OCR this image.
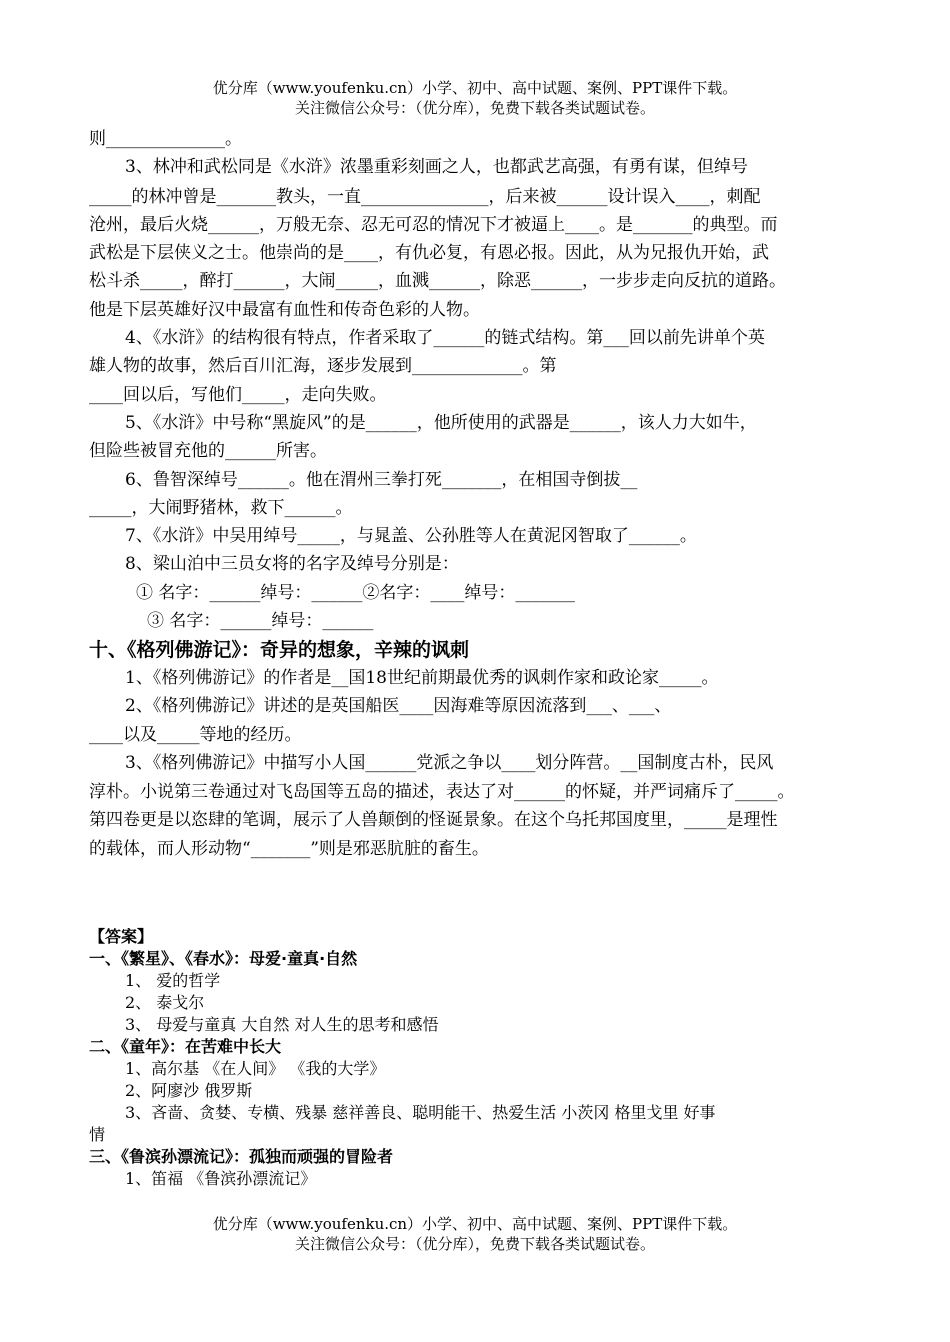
优分库（www.youfenku.cn）小学、初中、高中试题、案例、PPT课件下载。
关注微信公众号：（优分库），免费下载各类试题试卷。
则______________。
3、林冲和武松同是《水浒》浓墨重彩刻画之人，也都武艺高强，有勇有谋，但绰号
_____的林冲曾是_______教头，一直_______________，后来被______设计误入____，刺配
沧州，最后火烧______，万般无奈、忍无可忍的情况下才被逼上____。是_______的典型。而
武松是下层侠义之士。他崇尚的是____，有仇必复，有恩必报。因此，从为兄报仇开始，武
松斗杀_____，醉打______，大闹_____，血溅______，除恶______，一步步走向反抗的道路。
他是下层英雄好汉中最富有血性和传奇色彩的人物。
4、《水浒》的结构很有特点，作者采取了______的链式结构。第___回以前先讲单个英
雄人物的故事，然后百川汇海，逐步发展到_____________。第
____回以后，写他们_____，走向失败。
5、《水浒》中号称“黑旋风”的是______，他所使用的武器是______，该人力大如牛，
但险些被冒充他的______所害。
6、鲁智深绰号______。他在渭州三拳打死_______，在相国寺倒拔__
_____，大闹野猪林，救下______。
7、《水浒》中吴用绰号_____，与晁盖、公孙胜等人在黄泥冈智取了______。
8、梁山泊中三员女将的名字及绰号分别是：
① 名字：______绰号：______②名字：____绰号：_______
③ 名字：______绰号：______
十、《格列佛游记》：奇异的想象，辛辣的讽刺
1、《格列佛游记》的作者是__国18世纪前期最优秀的讽刺作家和政论家_____。
2、《格列佛游记》讲述的是英国船医____因海难等原因流落到___、___、
____以及_____等地的经历。
3、《格列佛游记》中描写小人国______党派之争以____划分阵营。__国制度古朴，民风
淳朴。小说第三卷通过对飞岛国等五岛的描述，表达了对______的怀疑，并严词痛斥了_____。
第四卷更是以恣肆的笔调，展示了人兽颠倒的怪诞景象。在这个乌托邦国度里，_____是理性
的载体，而人形动物“_______”则是邪恶肮脏的畜生。
【答案】
一、《繁星》、《春水》：母爱·童真·自然
1、 爱的哲学
2、 泰戈尔
3、 母爱与童真 大自然 对人生的思考和感悟
二、《童年》：在苦难中长大
1、高尔基 《在人间》 《我的大学》
2、阿廖沙 俄罗斯
3、吝啬、贪婪、专横、残暴 慈祥善良、聪明能干、热爱生活 小茨冈 格里戈里 好事
情
三、《鲁滨孙漂流记》：孤独而顽强的冒险者
1、笛福 《鲁滨孙漂流记》
优分库（www.youfenku.cn）小学、初中、高中试题、案例、PPT课件下载。
关注微信公众号：（优分库），免费下载各类试题试卷。
